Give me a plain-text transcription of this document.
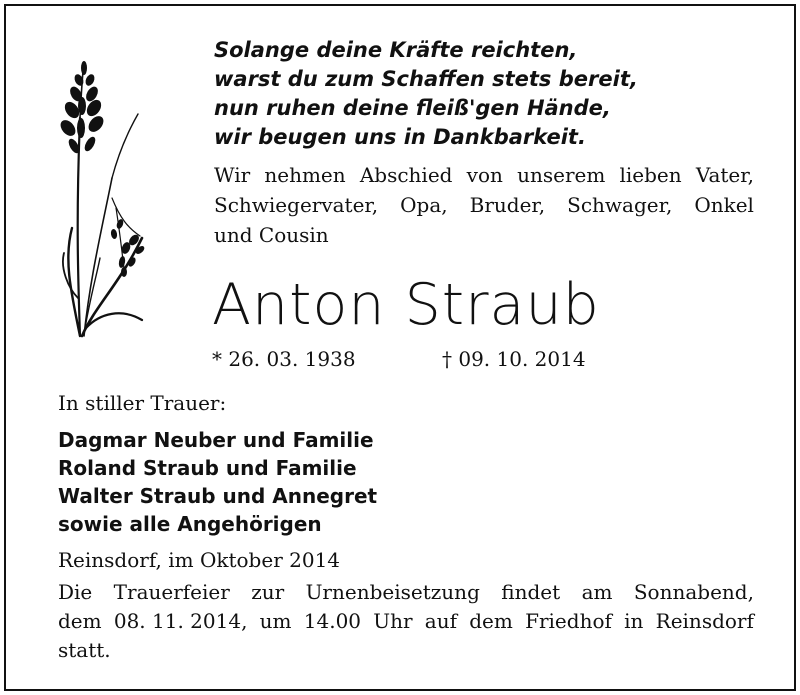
Solange deine Kräfte reichten,
warst du zum Schaffen stets bereit,
nun ruhen deine fleiß'gen Hände,
wir beugen uns in Dankbarkeit.
Wir nehmen Abschied von unserem lieben Vater,
Schwiegervater, Opa, Bruder, Schwager, Onkel
und Cousin
Anton Straub
* 26. 03. 1938	† 09. 10. 2014
In stiller Trauer:
Dagmar Neuber und Familie
Roland Straub und Familie
Walter Straub und Annegret
sowie alle Angehörigen
Reinsdorf, im Oktober 2014
Die Trauerfeier zur Urnenbeisetzung findet am Sonnabend,
dem 08. 11. 2014, um 14.00 Uhr auf dem Friedhof in Reinsdorf
statt.
